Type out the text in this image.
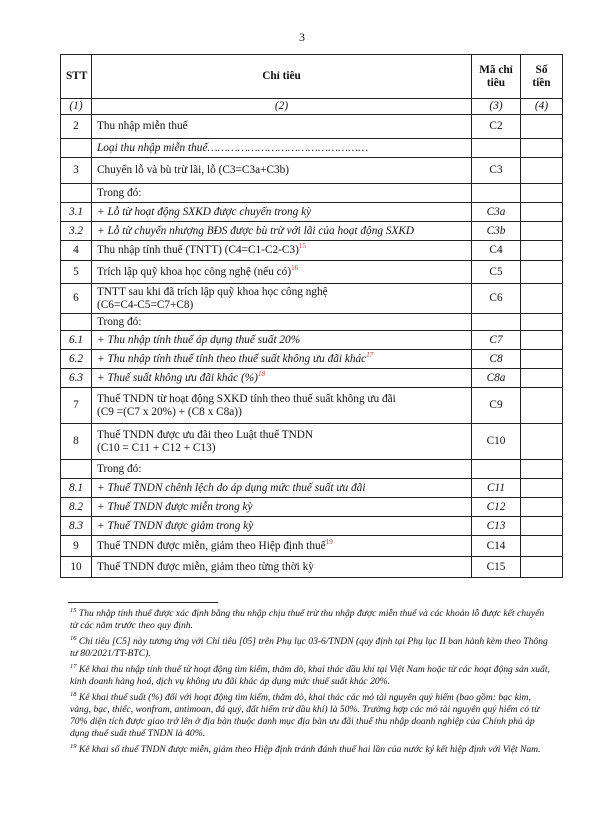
3
STT	Chỉ tiêu	Mã chỉ tiêu	Số tiền
(1)	(2)	(3)	(4)
2	Thu nhập miễn thuế	C2	
	Loại thu nhập miễn thuế…………………………………………		
3	Chuyển lỗ và bù trừ lãi, lỗ (C3=C3a+C3b)	C3	
	Trong đó:		
3.1	+ Lỗ từ hoạt động SXKD được chuyển trong kỳ	C3a	
3.2	+ Lỗ từ chuyển nhượng BĐS được bù trừ với lãi của hoạt động SXKD	C3b	
4	Thu nhập tính thuế (TNTT) (C4=C1-C2-C3)$^{15}$	C4	
5	Trích lập quỹ khoa học công nghệ (nếu có)$^{16}$	C5	
6	TNTT sau khi đã trích lập quỹ khoa học công nghệ
(C6=C4-C5=C7+C8)	C6	
	Trong đó:		
6.1	+ Thu nhập tính thuế áp dụng thuế suất 20%	C7	
6.2	+ Thu nhập tính thuế tính theo thuế suất không ưu đãi khác$^{17}$	C8	
6.3	+ Thuế suất không ưu đãi khác (%)$^{18}$	C8a	
7	Thuế TNDN từ hoạt động SXKD tính theo thuế suất không ưu đãi
(C9 =(C7 x 20%) + (C8 x C8a))	C9	
8	Thuế TNDN được ưu đãi theo Luật thuế TNDN
(C10 = C11 + C12 + C13)	C10	
	Trong đó:		
8.1	+ Thuế TNDN chênh lệch do áp dụng mức thuế suất ưu đãi	C11	
8.2	+ Thuế TNDN được miễn trong kỳ	C12	
8.3	+ Thuế TNDN được giảm trong kỳ	C13	
9	Thuế TNDN được miễn, giảm theo Hiệp định thuế$^{19}$	C14	
10	Thuế TNDN được miễn, giảm theo từng thời kỳ	C15	
$^{15}$ Thu nhập tính thuế được xác định bằng thu nhập chịu thuế trừ thu nhập được miễn thuế và các khoản lỗ được kết chuyển từ các năm trước theo quy định.
$^{16}$ Chỉ tiêu [C5] này tương ứng với Chỉ tiêu [05] trên Phụ lục 03-6/TNDN (quy định tại Phụ lục II ban hành kèm theo Thông tư 80/2021/TT-BTC).
$^{17}$ Kê khai thu nhập tính thuế từ hoạt động tìm kiếm, thăm dò, khai thác dầu khí tại Việt Nam hoặc từ các hoạt động sản xuất, kinh doanh hàng hoá, dịch vụ không ưu đãi khác áp dụng mức thuế suất khác 20%.
$^{18}$ Kê khai thuế suất (%) đối với hoạt động tìm kiếm, thăm dò, khai thác các mỏ tài nguyên quý hiếm (bao gồm: bạc kim, vàng, bạc, thiếc, wonfram, antimoan, đá quý, đất hiếm trừ dầu khí) là 50%. Trường hợp các mỏ tài nguyên quý hiếm có từ 70% diện tích được giao trở lên ở địa bàn thuộc danh mục địa bàn ưu đãi thuế thu nhập doanh nghiệp của Chính phủ áp dụng thuế suất thuế TNDN là 40%.
$^{19}$ Kê khai số thuế TNDN được miễn, giảm theo Hiệp định tránh đánh thuế hai lần của nước ký kết hiệp định với Việt Nam.
